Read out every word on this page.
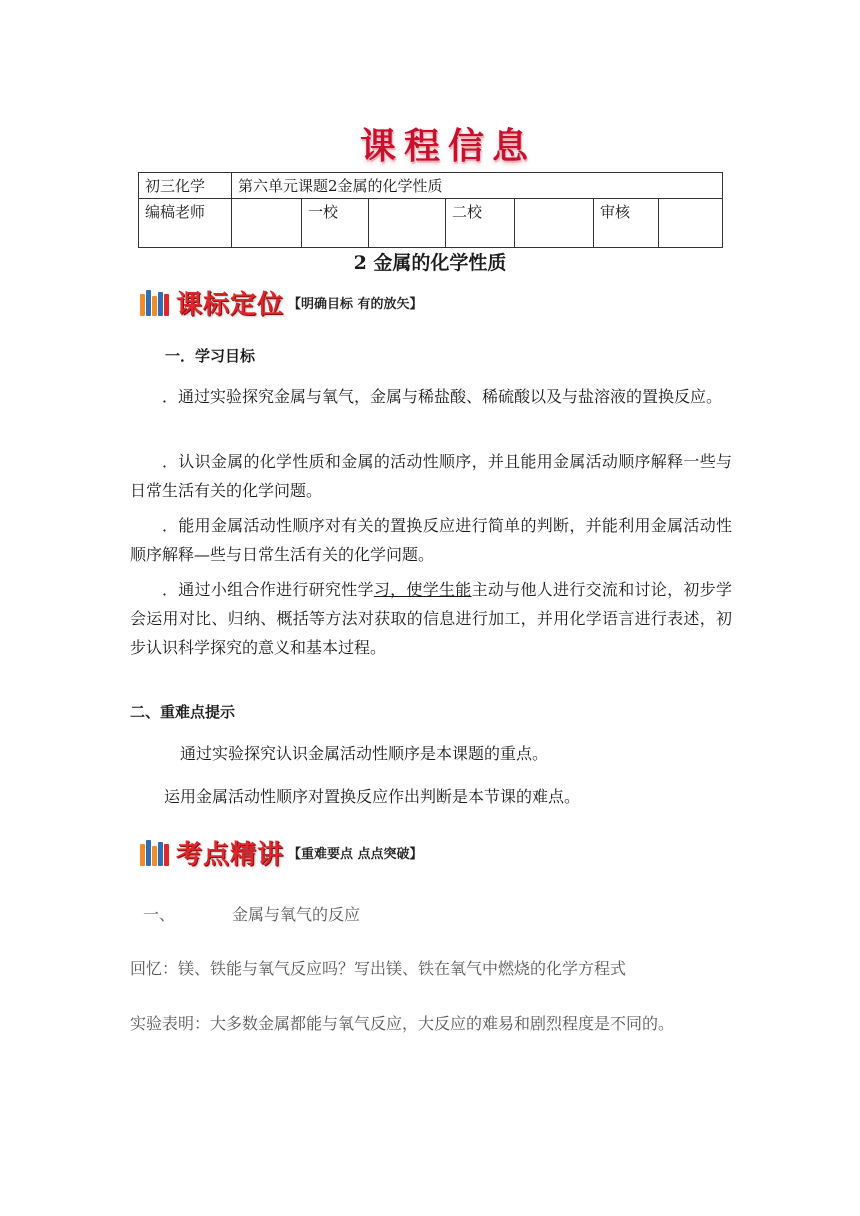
课程信息
初三化学	第六单元课题2金属的化学性质						
编稿老师		一校		二校		审核	
2 金属的化学性质
课标定位 【明确目标 有的放矢】
一．学习目标
．通过实验探究金属与氧气，金属与稀盐酸、稀硫酸以及与盐溶液的置换反应。
．认识金属的化学性质和金属的活动性顺序，并且能用金属活动顺序解释一些与日常生活有关的化学问题。
．能用金属活动性顺序对有关的置换反应进行简单的判断，并能利用金属活动性顺序解释—些与日常生活有关的化学问题。
．通过小组合作进行研究性学习，使学生能主动与他人进行交流和讨论，初步学会运用对比、归纳、概括等方法对获取的信息进行加工，并用化学语言进行表述，初步认识科学探究的意义和基本过程。
二、重难点提示
通过实验探究认识金属活动性顺序是本课题的重点。
运用金属活动性顺序对置换反应作出判断是本节课的难点。
考点精讲 【重难要点 点点突破】
一、	金属与氧气的反应
回忆：镁、铁能与氧气反应吗？写出镁、铁在氧气中燃烧的化学方程式
实验表明：大多数金属都能与氧气反应，大反应的难易和剧烈程度是不同的。
